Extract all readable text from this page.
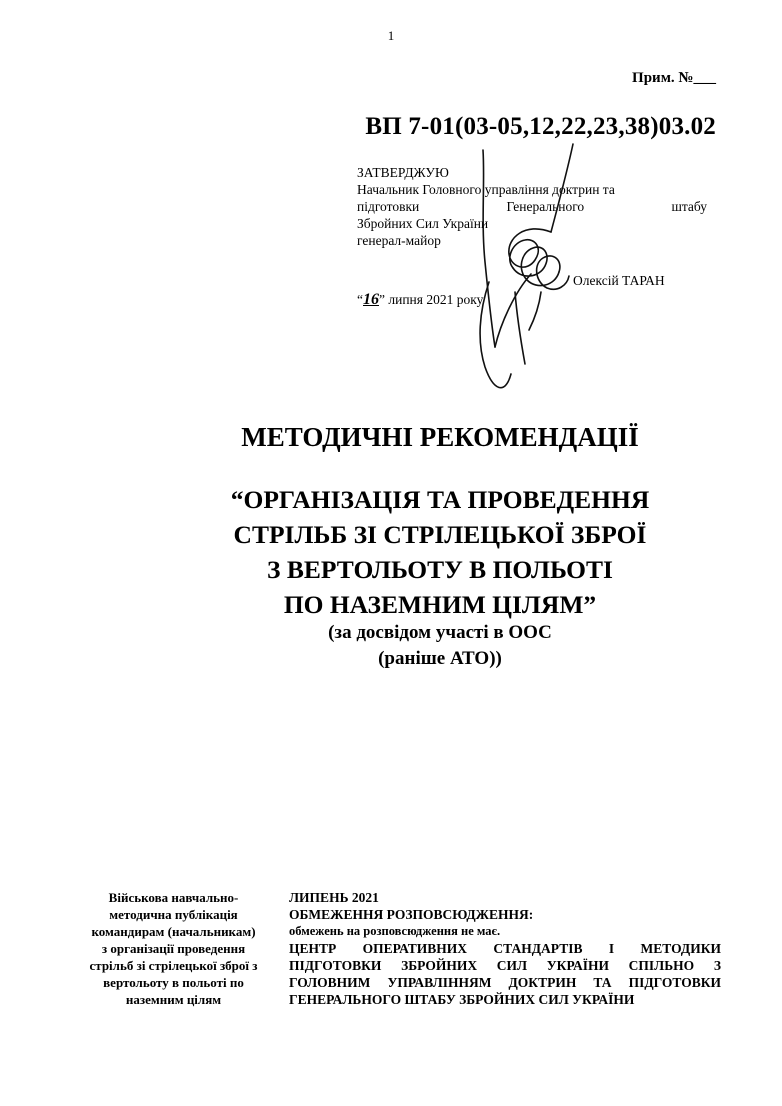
1
Прим. №___
ВП 7-01(03-05,12,22,23,38)03.02
ЗАТВЕРДЖУЮ
Начальник Головного управління доктрин та
підготовки Генерального штабу
Збройних Сил України
генерал-майор
Олексій ТАРАН
“16” липня 2021 року
МЕТОДИЧНІ РЕКОМЕНДАЦІЇ
“ОРГАНІЗАЦІЯ ТА ПРОВЕДЕННЯ
СТРІЛЬБ ЗІ СТРІЛЕЦЬКОЇ ЗБРОЇ
З ВЕРТОЛЬОТУ В ПОЛЬОТІ
ПО НАЗЕМНИМ ЦІЛЯМ”
(за досвідом участі в ООС
(раніше АТО))
Військова навчально-
методична публікація
командирам (начальникам)
з організації проведення
стрільб зі стрілецької зброї з
вертольоту в польоті по
наземним цілям
ЛИПЕНЬ 2021
ОБМЕЖЕННЯ РОЗПОВСЮДЖЕННЯ:
обмежень на розповсюдження не має.
ЦЕНТР ОПЕРАТИВНИХ СТАНДАРТІВ І МЕТОДИКИ ПІДГОТОВКИ ЗБРОЙНИХ СИЛ УКРАЇНИ СПІЛЬНО З ГОЛОВНИМ УПРАВЛІННЯМ ДОКТРИН ТА ПІДГОТОВКИ ГЕНЕРАЛЬНОГО ШТАБУ ЗБРОЙНИХ СИЛ УКРАЇНИ
